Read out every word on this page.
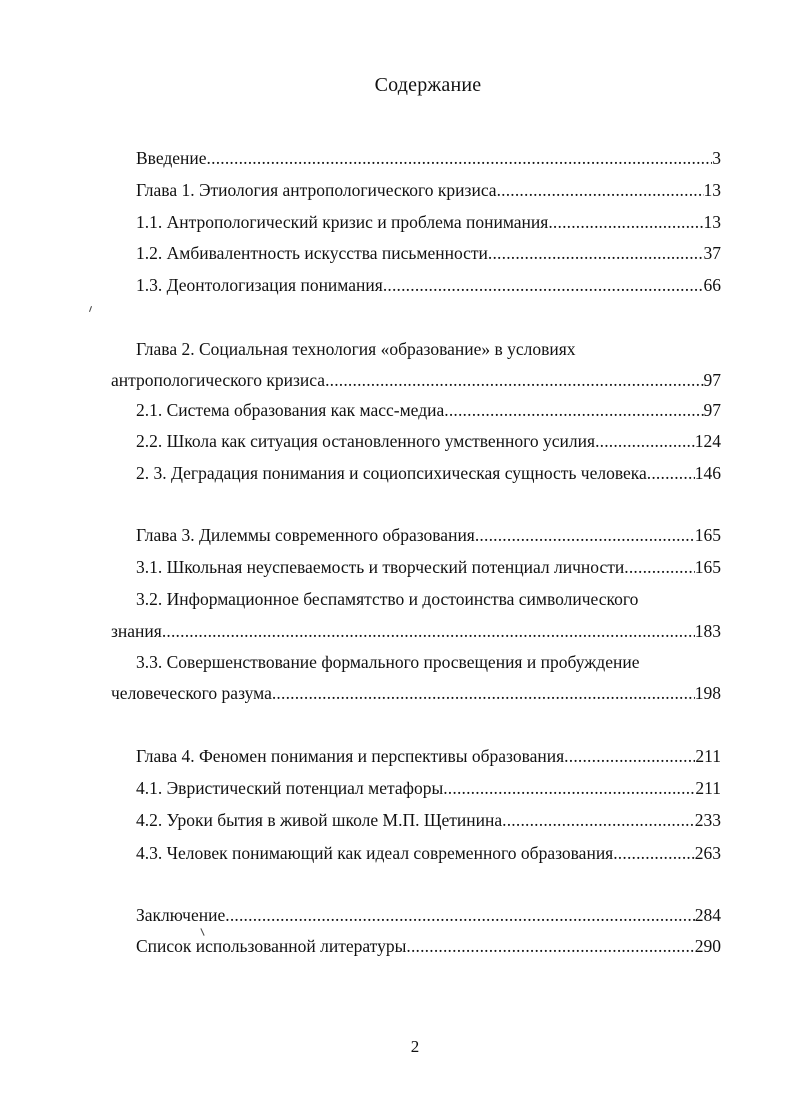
Содержание
Введение .....	3
Глава 1. Этиология антропологического кризиса .....	13
1.1. Антропологический кризис и проблема понимания .....	13
1.2. Амбивалентность искусства письменности .....	37
1.3. Деонтологизация понимания .....	66
Глава 2. Социальная технология «образование» в условиях
антропологического кризиса .....	97
2.1. Система образования как масс-медиа .....	97
2.2. Школа как ситуация остановленного умственного усилия .....	124
2. 3. Деградация понимания и социопсихическая сущность человека .....	146
Глава 3. Дилеммы современного образования .....	165
3.1. Школьная неуспеваемость и творческий потенциал личности .....	165
3.2. Информационное беспамятство и достоинства символического
знания .....	183
3.3. Совершенствование формального просвещения и пробуждение
человеческого разума .....	198
Глава 4. Феномен понимания и перспективы образования .....	211
4.1. Эвристический потенциал метафоры .....	211
4.2. Уроки бытия в живой школе М.П. Щетинина .....	233
4.3. Человек понимающий как идеал современного образования .....	263
Заключение .....	284
Список использованной литературы .....	290
2
